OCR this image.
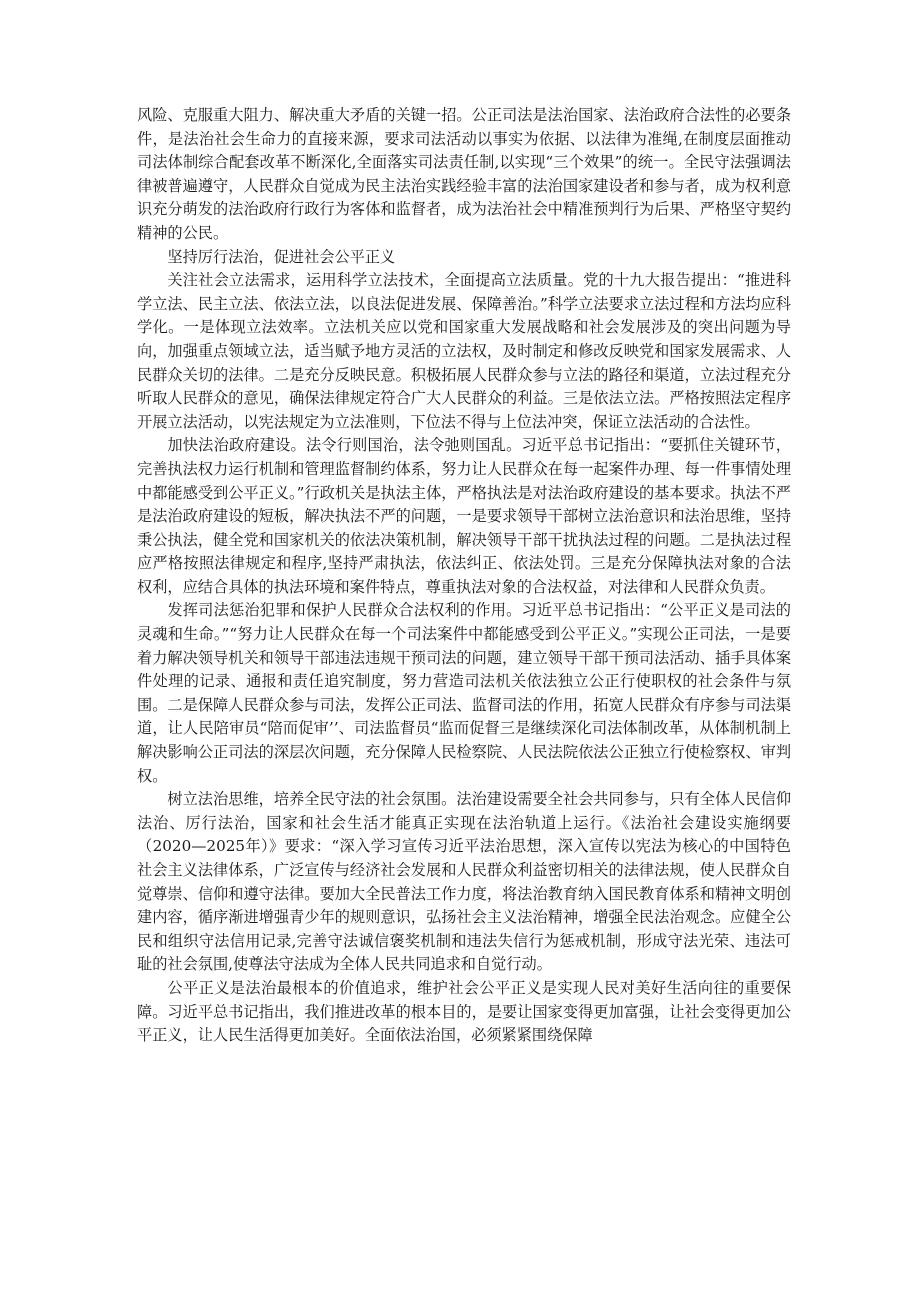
风险、克服重大阻力、解决重大矛盾的关键一招。公正司法是法治国家、法治政府合法性的必要条件，是法治社会生命力的直接来源，要求司法活动以事实为依据、以法律为准绳,在制度层面推动司法体制综合配套改革不断深化,全面落实司法责任制,以实现“三个效果”的统一。全民守法强调法律被普遍遵守，人民群众自觉成为民主法治实践经验丰富的法治国家建设者和参与者，成为权利意识充分萌发的法治政府行政行为客体和监督者，成为法治社会中精准预判行为后果、严格坚守契约精神的公民。

坚持厉行法治，促进社会公平正义

关注社会立法需求，运用科学立法技术，全面提高立法质量。党的十九大报告提出：“推进科学立法、民主立法、依法立法，以良法促进发展、保障善治。”科学立法要求立法过程和方法均应科学化。一是体现立法效率。立法机关应以党和国家重大发展战略和社会发展涉及的突出问题为导向，加强重点领域立法，适当赋予地方灵活的立法权，及时制定和修改反映党和国家发展需求、人民群众关切的法律。二是充分反映民意。积极拓展人民群众参与立法的路径和渠道，立法过程充分听取人民群众的意见，确保法律规定符合广大人民群众的利益。三是依法立法。严格按照法定程序开展立法活动，以宪法规定为立法准则，下位法不得与上位法冲突，保证立法活动的合法性。

加快法治政府建设。法令行则国治，法令弛则国乱。习近平总书记指出：“要抓住关键环节，完善执法权力运行机制和管理监督制约体系，努力让人民群众在每一起案件办理、每一件事情处理中都能感受到公平正义。”行政机关是执法主体，严格执法是对法治政府建设的基本要求。执法不严是法治政府建设的短板，解决执法不严的问题，一是要求领导干部树立法治意识和法治思维，坚持秉公执法，健全党和国家机关的依法决策机制，解决领导干部干扰执法过程的问题。二是执法过程应严格按照法律规定和程序,坚持严肃执法，依法纠正、依法处罚。三是充分保障执法对象的合法权利，应结合具体的执法环境和案件特点，尊重执法对象的合法权益，对法律和人民群众负责。

发挥司法惩治犯罪和保护人民群众合法权利的作用。习近平总书记指出：“公平正义是司法的灵魂和生命。”“努力让人民群众在每一个司法案件中都能感受到公平正义。”实现公正司法，一是要着力解决领导机关和领导干部违法违规干预司法的问题，建立领导干部干预司法活动、插手具体案件处理的记录、通报和责任追究制度，努力营造司法机关依法独立公正行使职权的社会条件与氛围。二是保障人民群众参与司法，发挥公正司法、监督司法的作用，拓宽人民群众有序参与司法渠道，让人民陪审员“陪而促审’’、司法监督员“监而促督三是继续深化司法体制改革，从体制机制上解决影响公正司法的深层次问题，充分保障人民检察院、人民法院依法公正独立行使检察权、审判权。

树立法治思维，培养全民守法的社会氛围。法治建设需要全社会共同参与，只有全体人民信仰法治、厉行法治，国家和社会生活才能真正实现在法治轨道上运行。《法治社会建设实施纲要（2020—2025年）》要求：“深入学习宣传习近平法治思想，深入宣传以宪法为核心的中国特色社会主义法律体系，广泛宣传与经济社会发展和人民群众利益密切相关的法律法规，使人民群众自觉尊崇、信仰和遵守法律。要加大全民普法工作力度，将法治教育纳入国民教育体系和精神文明创建内容，循序渐进增强青少年的规则意识，弘扬社会主义法治精神，增强全民法治观念。应健全公民和组织守法信用记录,完善守法诚信褒奖机制和违法失信行为惩戒机制，形成守法光荣、违法可耻的社会氛围,使尊法守法成为全体人民共同追求和自觉行动。

公平正义是法治最根本的价值追求，维护社会公平正义是实现人民对美好生活向往的重要保障。习近平总书记指出，我们推进改革的根本目的，是要让国家变得更加富强，让社会变得更加公平正义，让人民生活得更加美好。全面依法治国，必须紧紧围绕保障
